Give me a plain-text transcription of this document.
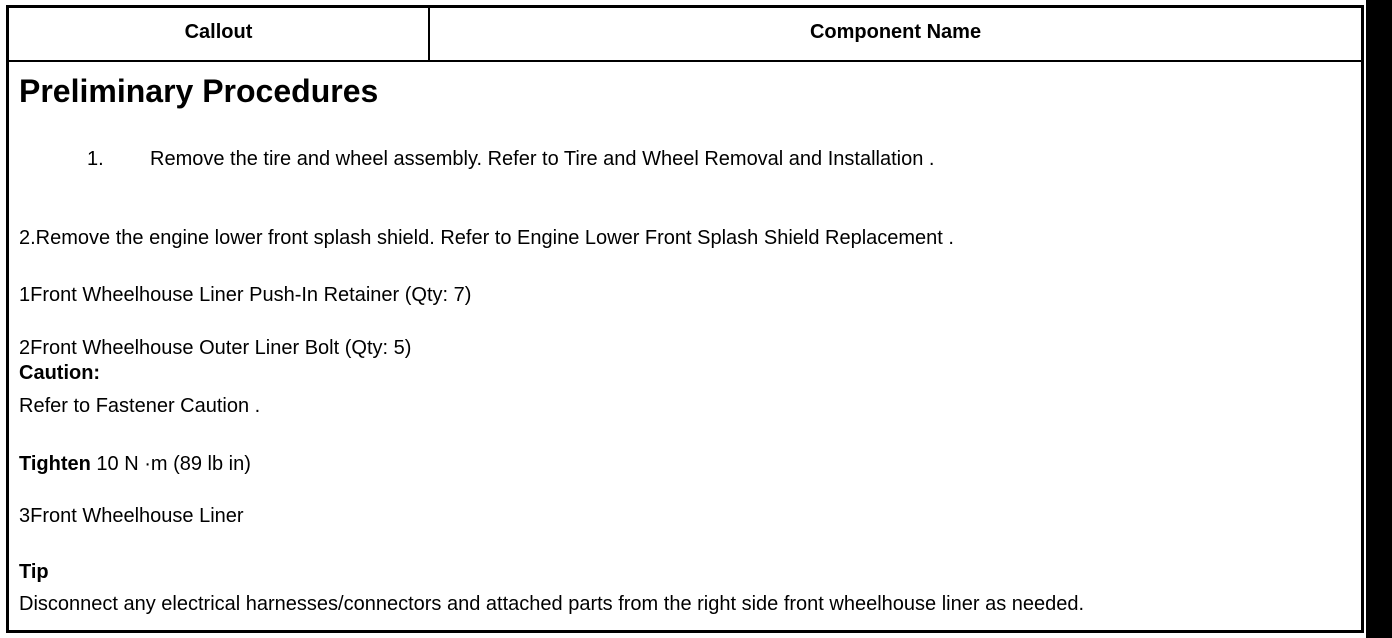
Callout	Component Name
Preliminary Procedures
1. Remove the tire and wheel assembly. Refer to Tire and Wheel Removal and Installation .
2.Remove the engine lower front splash shield. Refer to Engine Lower Front Splash Shield Replacement .
1Front Wheelhouse Liner Push-In Retainer (Qty: 7)
2Front Wheelhouse Outer Liner Bolt (Qty: 5)
Caution:
Refer to Fastener Caution .
Tighten 10 N ·m (89 lb in)
3Front Wheelhouse Liner
Tip
Disconnect any electrical harnesses/connectors and attached parts from the right side front wheelhouse liner as needed.
